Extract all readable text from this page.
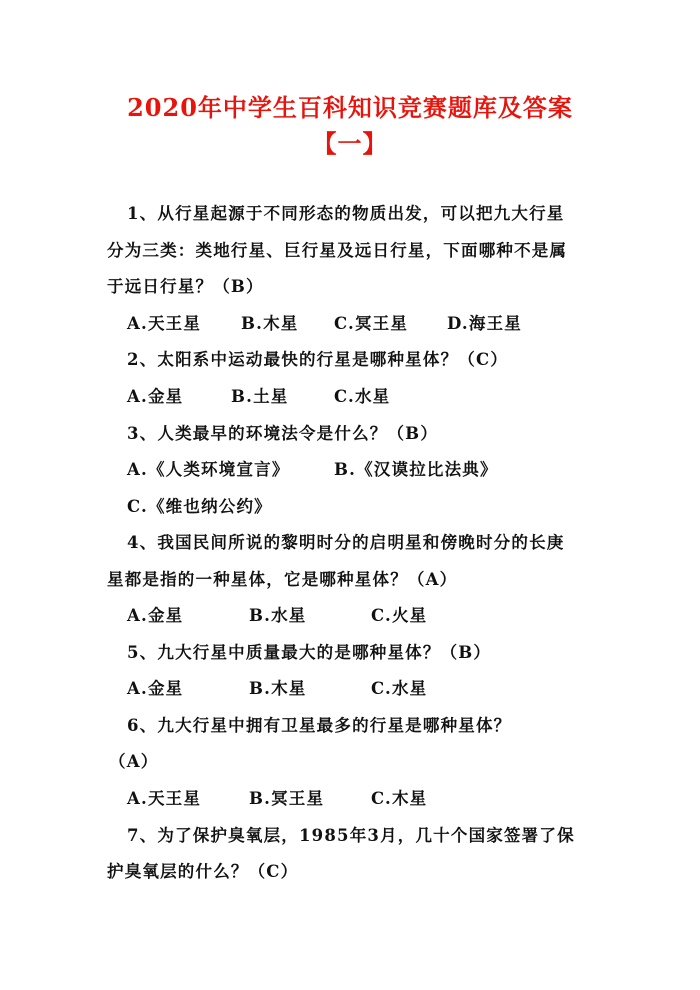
2020年中学生百科知识竞赛题库及答案
【一】
1、从行星起源于不同形态的物质出发，可以把九大行星
分为三类：类地行星、巨行星及远日行星，下面哪种不是属
于远日行星？（B）
A.天王星 B.木星 C.冥王星 D.海王星
2、太阳系中运动最快的行星是哪种星体？（C）
A.金星	B.土星	C.水星
3、人类最早的环境法令是什么？（B）
A.《人类环境宣言》	B.《汉谟拉比法典》
C.《维也纳公约》
4、我国民间所说的黎明时分的启明星和傍晚时分的长庚
星都是指的一种星体，它是哪种星体？（A）
A.金星	B.水星	C.火星
5、九大行星中质量最大的是哪种星体？（B）
A.金星	B.木星	C.水星
6、九大行星中拥有卫星最多的行星是哪种星体？
（A）
A.天王星	B.冥王星	C.木星
7、为了保护臭氧层，1985年3月，几十个国家签署了保
护臭氧层的什么？（C）
